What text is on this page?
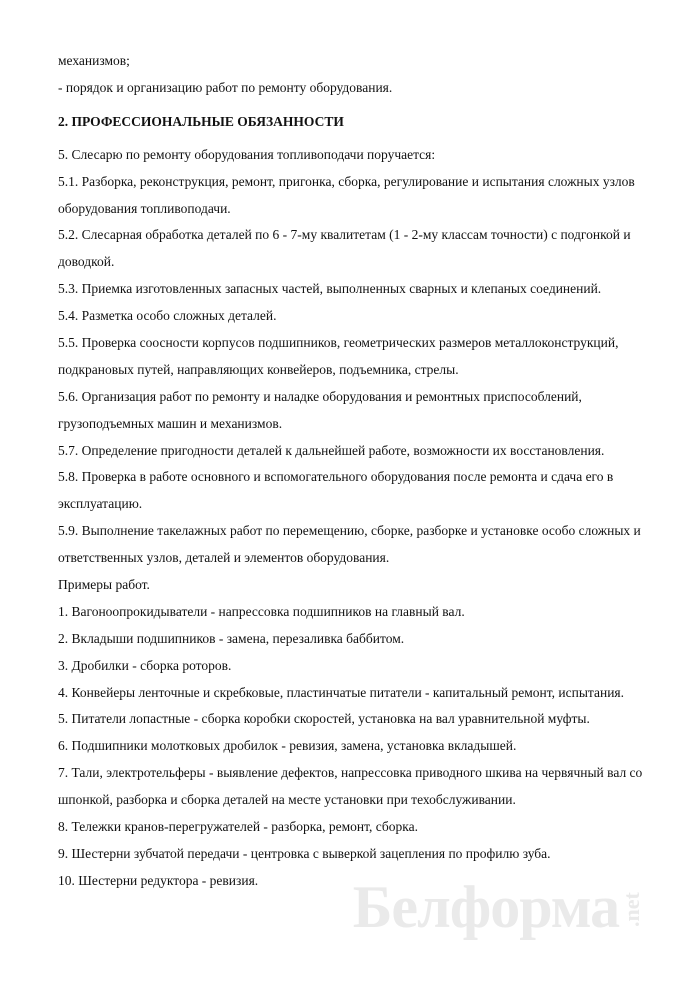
механизмов;
- порядок и организацию работ по ремонту оборудования.
2. ПРОФЕССИОНАЛЬНЫЕ ОБЯЗАННОСТИ
5. Слесарю по ремонту оборудования топливоподачи поручается:
5.1. Разборка, реконструкция, ремонт, пригонка, сборка, регулирование и испытания сложных узлов
оборудования топливоподачи.
5.2. Слесарная обработка деталей по 6 - 7-му квалитетам (1 - 2-му классам точности) с подгонкой и
доводкой.
5.3. Приемка изготовленных запасных частей, выполненных сварных и клепаных соединений.
5.4. Разметка особо сложных деталей.
5.5. Проверка соосности корпусов подшипников, геометрических размеров металлоконструкций,
подкрановых путей, направляющих конвейеров, подъемника, стрелы.
5.6. Организация работ по ремонту и наладке оборудования и ремонтных приспособлений,
грузоподъемных машин и механизмов.
5.7. Определение пригодности деталей к дальнейшей работе, возможности их восстановления.
5.8. Проверка в работе основного и вспомогательного оборудования после ремонта и сдача его в
эксплуатацию.
5.9. Выполнение такелажных работ по перемещению, сборке, разборке и установке особо сложных и
ответственных узлов, деталей и элементов оборудования.
Примеры работ.
1. Вагоноопрокидыватели - напрессовка подшипников на главный вал.
2. Вкладыши подшипников - замена, перезаливка баббитом.
3. Дробилки - сборка роторов.
4. Конвейеры ленточные и скребковые, пластинчатые питатели - капитальный ремонт, испытания.
5. Питатели лопастные - сборка коробки скоростей, установка на вал уравнительной муфты.
6. Подшипники молотковых дробилок - ревизия, замена, установка вкладышей.
7. Тали, электротельферы - выявление дефектов, напрессовка приводного шкива на червячный вал со
шпонкой, разборка и сборка деталей на месте установки при техобслуживании.
8. Тележки кранов-перегружателей - разборка, ремонт, сборка.
9. Шестерни зубчатой передачи - центровка с выверкой зацепления по профилю зуба.
10. Шестерни редуктора - ревизия.	Белформа.net
